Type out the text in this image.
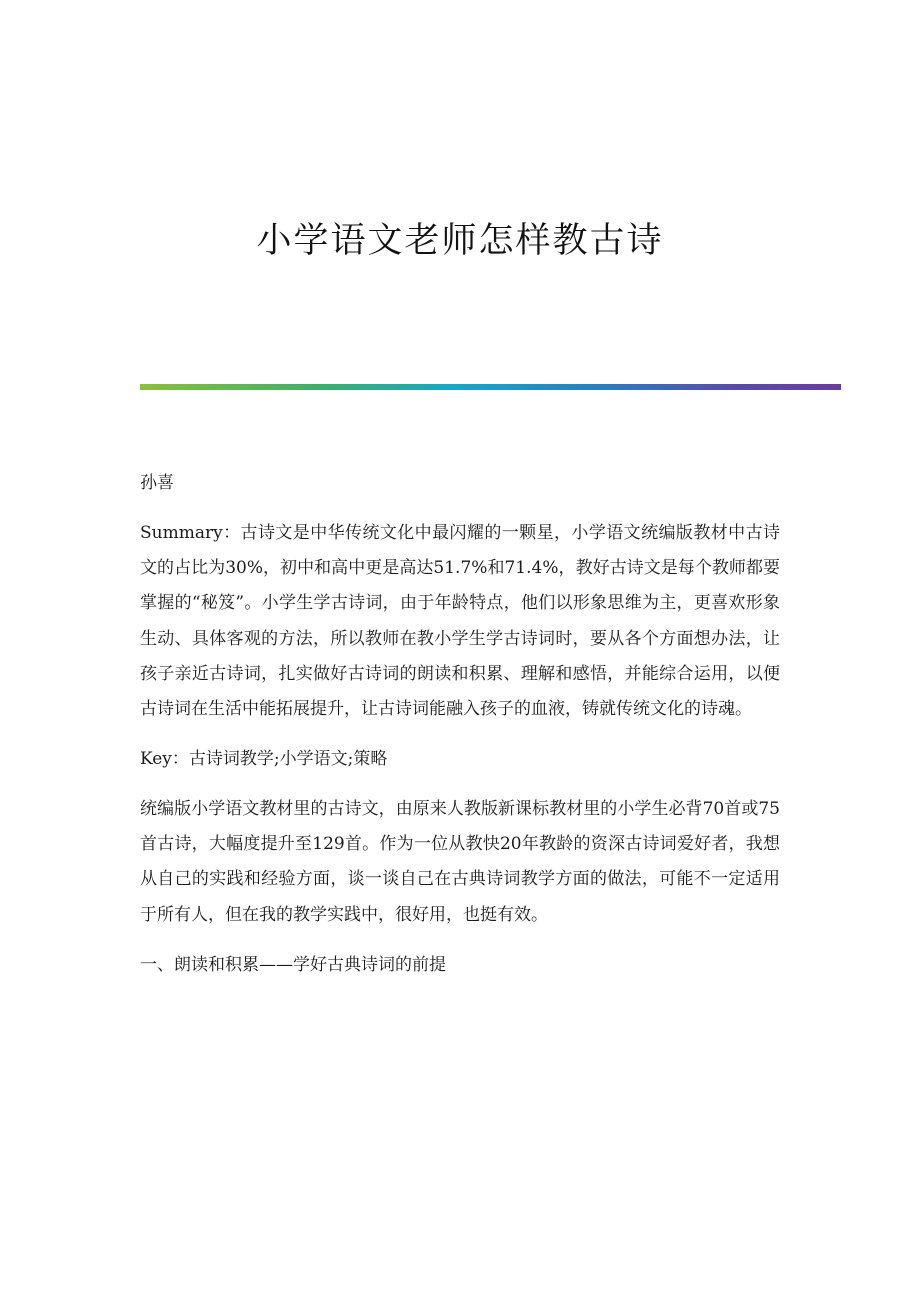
小学语文老师怎样教古诗

孙喜

Summary：古诗文是中华传统文化中最闪耀的一颗星，小学语文统编版教材中古诗文的占比为30%，初中和高中更是高达51.7%和71.4%，教好古诗文是每个教师都要掌握的“秘笈”。小学生学古诗词，由于年龄特点，他们以形象思维为主，更喜欢形象生动、具体客观的方法，所以教师在教小学生学古诗词时，要从各个方面想办法，让孩子亲近古诗词，扎实做好古诗词的朗读和积累、理解和感悟，并能综合运用，以便古诗词在生活中能拓展提升，让古诗词能融入孩子的血液，铸就传统文化的诗魂。

Key：古诗词教学;小学语文;策略

统编版小学语文教材里的古诗文，由原来人教版新课标教材里的小学生必背70首或75首古诗，大幅度提升至129首。作为一位从教快20年教龄的资深古诗词爱好者，我想从自己的实践和经验方面，谈一谈自己在古典诗词教学方面的做法，可能不一定适用于所有人，但在我的教学实践中，很好用，也挺有效。

一、朗读和积累——学好古典诗词的前提
